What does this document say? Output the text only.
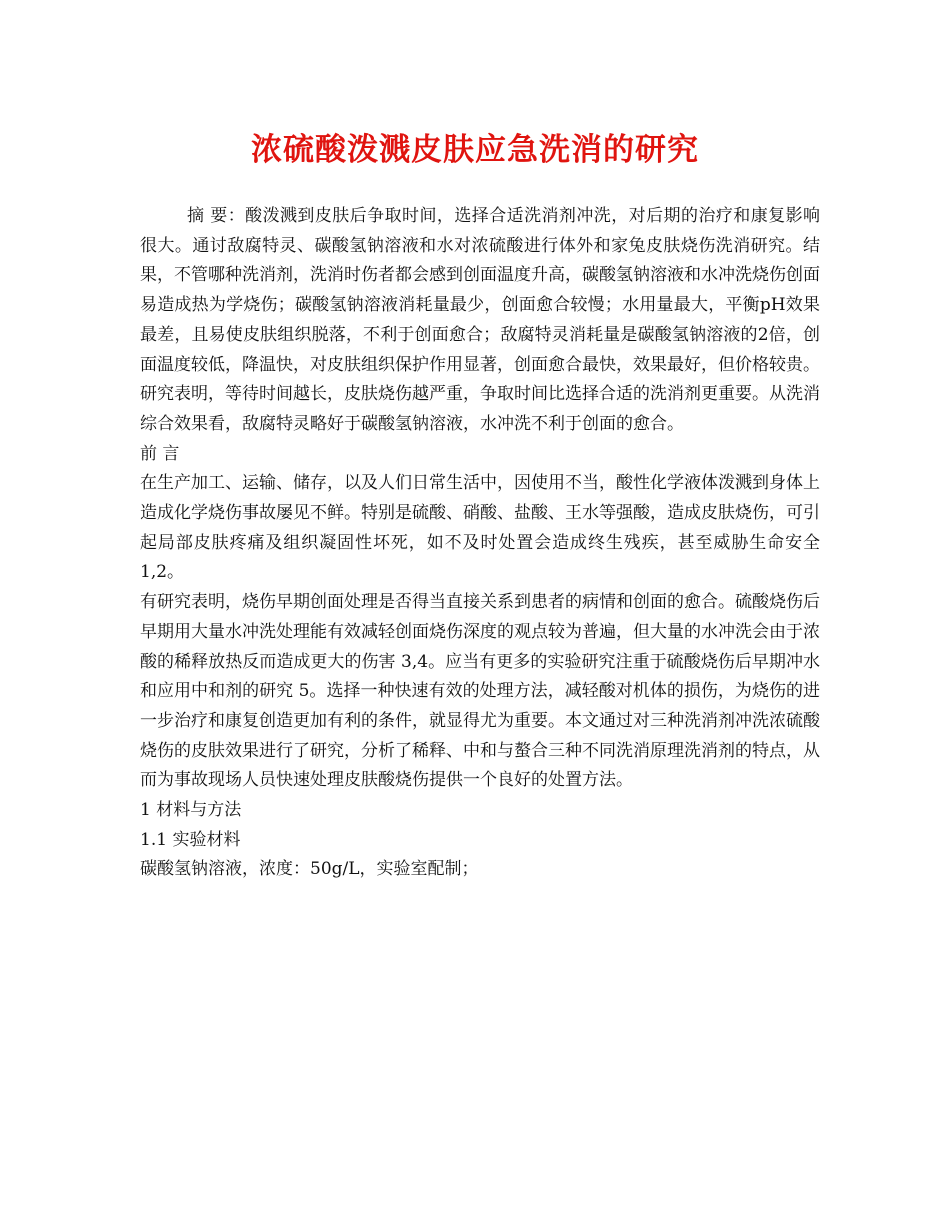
浓硫酸泼溅皮肤应急洗消的研究

摘 要：酸泼溅到皮肤后争取时间，选择合适洗消剂冲洗，对后期的治疗和康复影响很大。通讨敌腐特灵、碳酸氢钠溶液和水对浓硫酸进行体外和家兔皮肤烧伤洗消研究。结果，不管哪种洗消剂，洗消时伤者都会感到创面温度升高，碳酸氢钠溶液和水冲洗烧伤创面易造成热为学烧伤；碳酸氢钠溶液消耗量最少，创面愈合较慢；水用量最大，平衡pH效果最差，且易使皮肤组织脱落，不利于创面愈合；敌腐特灵消耗量是碳酸氢钠溶液的2倍，创面温度较低，降温快，对皮肤组织保护作用显著，创面愈合最快，效果最好，但价格较贵。研究表明，等待时间越长，皮肤烧伤越严重，争取时间比选择合适的洗消剂更重要。从洗消综合效果看，敌腐特灵略好于碳酸氢钠溶液，水冲洗不利于创面的愈合。

前 言

在生产加工、运输、储存，以及人们日常生活中，因使用不当，酸性化学液体泼溅到身体上造成化学烧伤事故屡见不鲜。特别是硫酸、硝酸、盐酸、王水等强酸，造成皮肤烧伤，可引起局部皮肤疼痛及组织凝固性坏死，如不及时处置会造成终生残疾，甚至威胁生命安全 1,2。

有研究表明，烧伤早期创面处理是否得当直接关系到患者的病情和创面的愈合。硫酸烧伤后早期用大量水冲洗处理能有效减轻创面烧伤深度的观点较为普遍，但大量的水冲洗会由于浓酸的稀释放热反而造成更大的伤害 3,4。应当有更多的实验研究注重于硫酸烧伤后早期冲水和应用中和剂的研究 5。选择一种快速有效的处理方法，减轻酸对机体的损伤，为烧伤的进一步治疗和康复创造更加有利的条件，就显得尤为重要。本文通过对三种洗消剂冲洗浓硫酸烧伤的皮肤效果进行了研究，分析了稀释、中和与螯合三种不同洗消原理洗消剂的特点，从而为事故现场人员快速处理皮肤酸烧伤提供一个良好的处置方法。

1 材料与方法

1.1 实验材料

碳酸氢钠溶液，浓度：50g/L，实验室配制；
